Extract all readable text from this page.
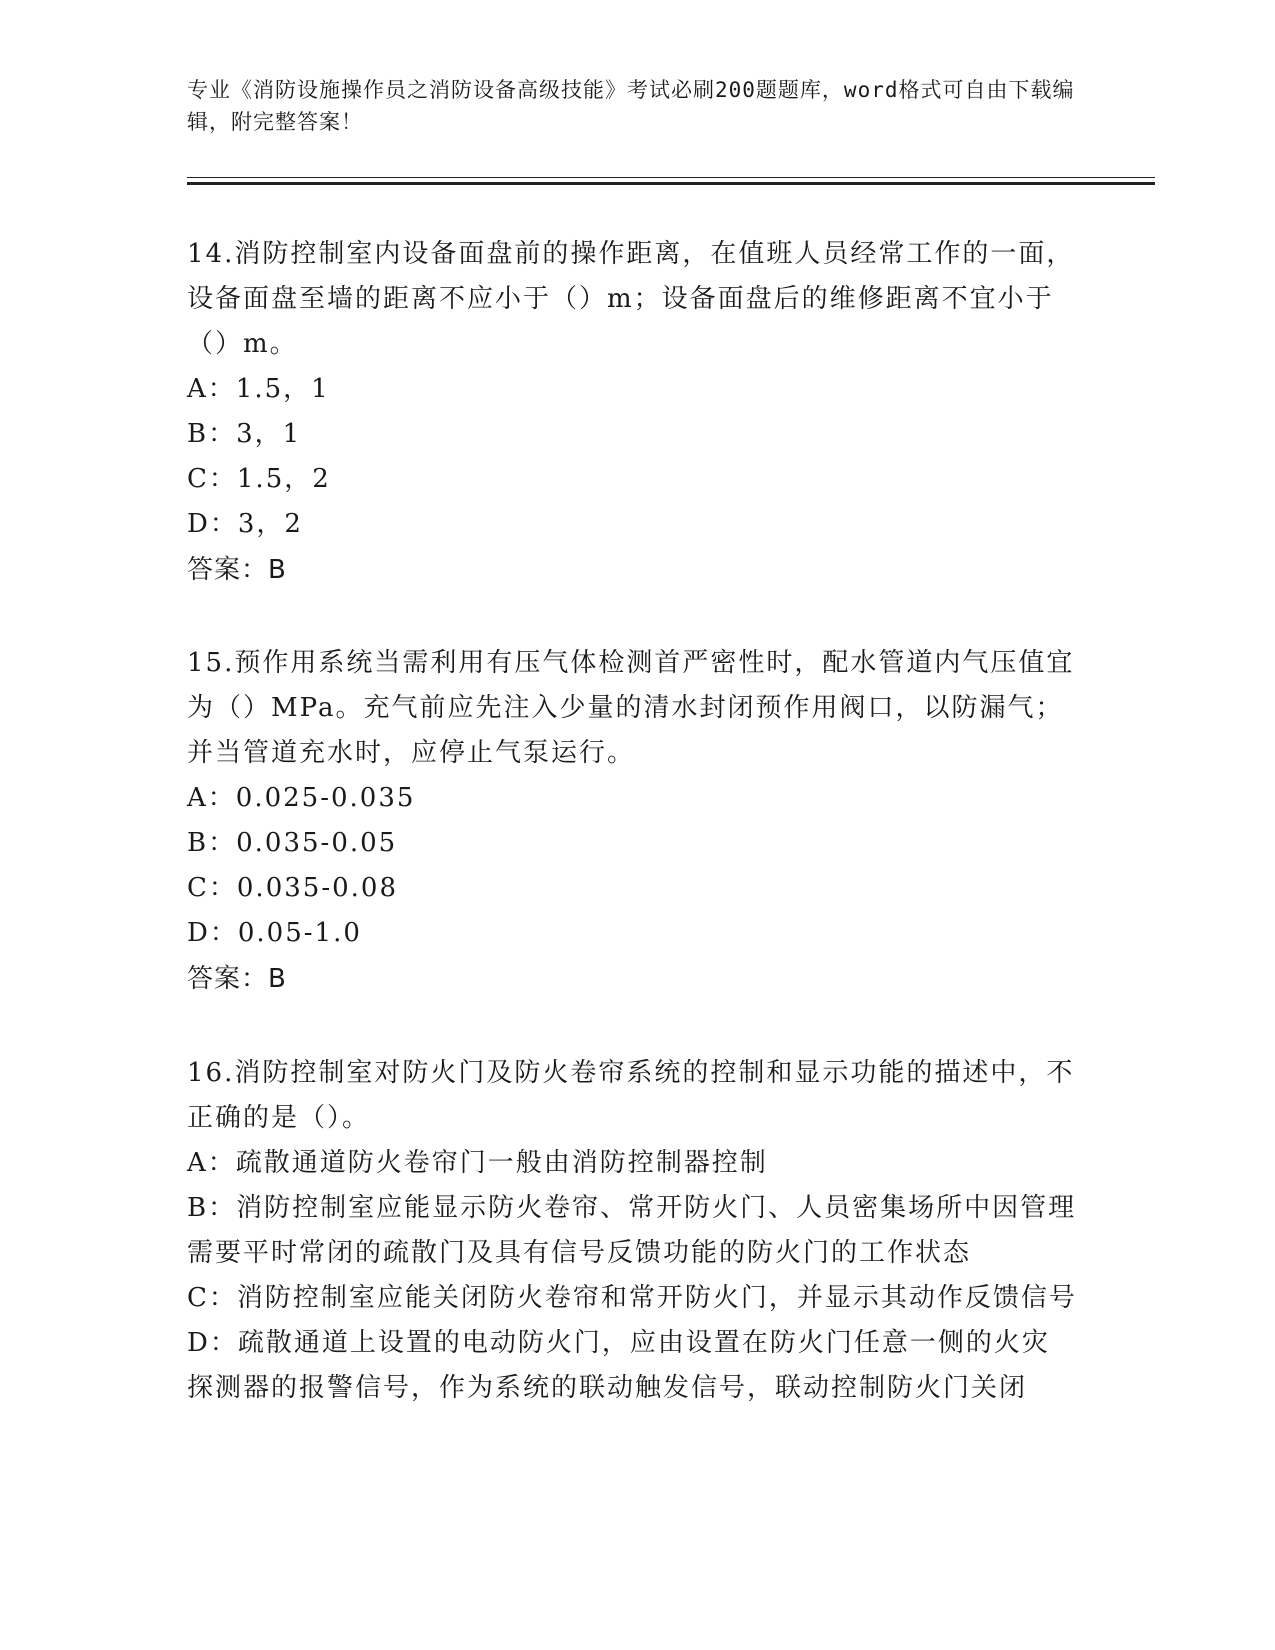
专业《消防设施操作员之消防设备高级技能》考试必刷200题题库，word格式可自由下载编辑，附完整答案！
14.消防控制室内设备面盘前的操作距离，在值班人员经常工作的一面，设备面盘至墙的距离不应小于（）m；设备面盘后的维修距离不宜小于（）m。
A：1.5，1
B：3，1
C：1.5，2
D：3，2
答案：B
15.预作用系统当需利用有压气体检测首严密性时，配水管道内气压值宜为（）MPa。充气前应先注入少量的清水封闭预作用阀口，以防漏气；并当管道充水时，应停止气泵运行。
A：0.025-0.035
B：0.035-0.05
C：0.035-0.08
D：0.05-1.0
答案：B
16.消防控制室对防火门及防火卷帘系统的控制和显示功能的描述中，不正确的是（）。
A：疏散通道防火卷帘门一般由消防控制器控制
B：消防控制室应能显示防火卷帘、常开防火门、人员密集场所中因管理需要平时常闭的疏散门及具有信号反馈功能的防火门的工作状态
C：消防控制室应能关闭防火卷帘和常开防火门，并显示其动作反馈信号
D：疏散通道上设置的电动防火门，应由设置在防火门任意一侧的火灾探测器的报警信号，作为系统的联动触发信号，联动控制防火门关闭
